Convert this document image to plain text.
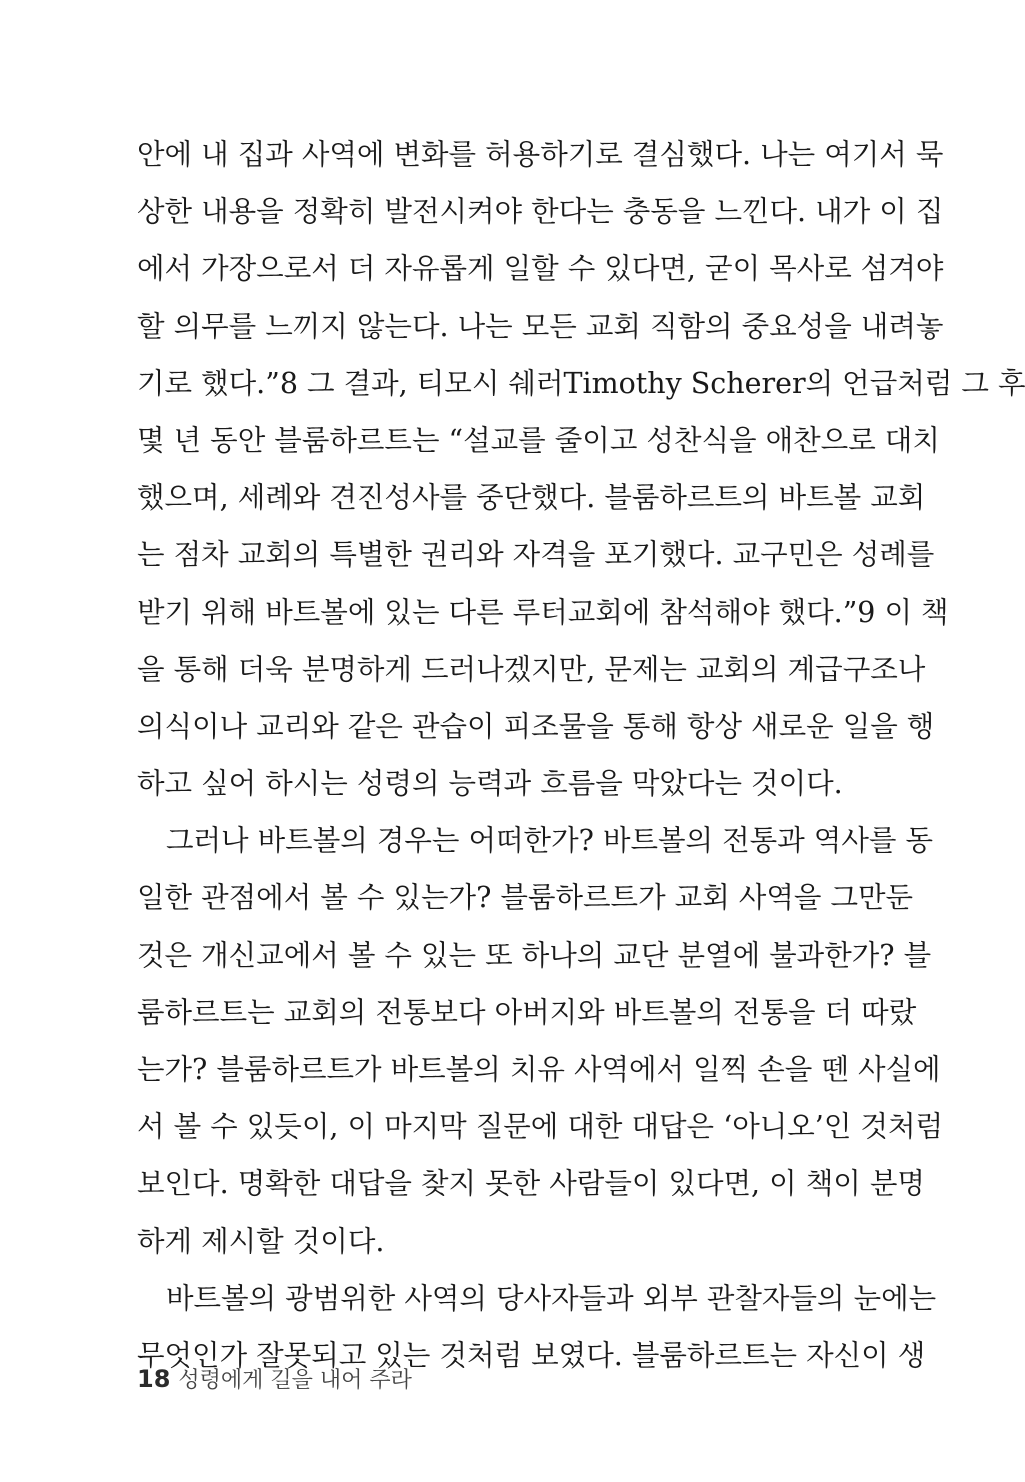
안에 내 집과 사역에 변화를 허용하기로 결심했다. 나는 여기서 묵
상한 내용을 정확히 발전시켜야 한다는 충동을 느낀다. 내가 이 집
에서 가장으로서 더 자유롭게 일할 수 있다면, 굳이 목사로 섬겨야
할 의무를 느끼지 않는다. 나는 모든 교회 직함의 중요성을 내려놓
기로 했다.”8 그 결과, 티모시 쉐러Timothy Scherer의 언급처럼 그 후
몇 년 동안 블룸하르트는 “설교를 줄이고 성찬식을 애찬으로 대치
했으며, 세례와 견진성사를 중단했다. 블룸하르트의 바트볼 교회
는 점차 교회의 특별한 권리와 자격을 포기했다. 교구민은 성례를
받기 위해 바트볼에 있는 다른 루터교회에 참석해야 했다.”9 이 책
을 통해 더욱 분명하게 드러나겠지만, 문제는 교회의 계급구조나
의식이나 교리와 같은 관습이 피조물을 통해 항상 새로운 일을 행
하고 싶어 하시는 성령의 능력과 흐름을 막았다는 것이다.
그러나 바트볼의 경우는 어떠한가? 바트볼의 전통과 역사를 동
일한 관점에서 볼 수 있는가? 블룸하르트가 교회 사역을 그만둔
것은 개신교에서 볼 수 있는 또 하나의 교단 분열에 불과한가? 블
룸하르트는 교회의 전통보다 아버지와 바트볼의 전통을 더 따랐
는가? 블룸하르트가 바트볼의 치유 사역에서 일찍 손을 뗀 사실에
서 볼 수 있듯이, 이 마지막 질문에 대한 대답은 ‘아니오’인 것처럼
보인다. 명확한 대답을 찾지 못한 사람들이 있다면, 이 책이 분명
하게 제시할 것이다.
바트볼의 광범위한 사역의 당사자들과 외부 관찰자들의 눈에는
무엇인가 잘못되고 있는 것처럼 보였다. 블룸하르트는 자신이 생
18 성령에게 길을 내어 주라
